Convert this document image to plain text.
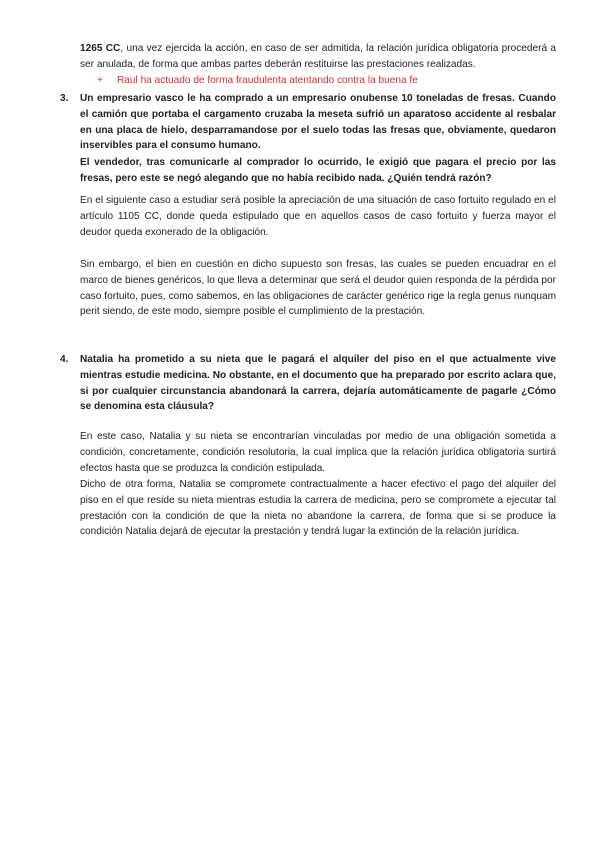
1265 CC, una vez ejercida la acción, en caso de ser admitida, la relación jurídica obligatoria procederá a ser anulada, de forma que ambas partes deberán restituirse las prestaciones realizadas.

+ Raul ha actuado de forma fraudulenta atentando contra la buena fe

3. Un empresario vasco le ha comprado a un empresario onubense 10 toneladas de fresas. Cuando el camión que portaba el cargamento cruzaba la meseta sufrió un aparatoso accidente al resbalar en una placa de hielo, desparramandose por el suelo todas las fresas que, obviamente, quedaron inservibles para el consumo humano.

El vendedor, tras comunicarle al comprador lo ocurrido, le exigió que pagara el precio por las fresas, pero este se negó alegando que no había recibido nada. ¿Quién tendrá razón?

En el siguiente caso a estudiar será posible la apreciación de una situación de caso fortuito regulado en el artículo 1105 CC, donde queda estipulado que en aquellos casos de caso fortuito y fuerza mayor el deudor queda exonerado de la obligación.

Sin embargo, el bien en cuestión en dicho supuesto son fresas, las cuales se pueden encuadrar en el marco de bienes genéricos, lo que lleva a determinar que será el deudor quien responda de la pérdida por caso fortuito, pues, como sabemos, en las obligaciones de carácter genérico rige la regla genus nunquam perit siendo, de este modo, siempre posible el cumplimiento de la prestación.

4. Natalia ha prometido a su nieta que le pagará el alquiler del piso en el que actualmente vive mientras estudie medicina. No obstante, en el documento que ha preparado por escrito aclara que, si por cualquier circunstancia abandonará la carrera, dejaría automáticamente de pagarle ¿Cómo se denomina esta cláusula?

En este caso, Natalia y su nieta se encontrarían vinculadas por medio de una obligación sometida a condición, concretamente, condición resolutoria, la cual implica que la relación jurídica obligatoria surtirá efectos hasta que se produzca la condición estipulada.

Dicho de otra forma, Natalia se compromete contractualmente a hacer efectivo el pago del alquiler del piso en el que reside su nieta mientras estudia la carrera de medicina, pero se compromete a ejecutar tal prestación con la condición de que la nieta no abandone la carrera, de forma que si se produce la condición Natalia dejará de ejecutar la prestación y tendrá lugar la extinción de la relación jurídica.
